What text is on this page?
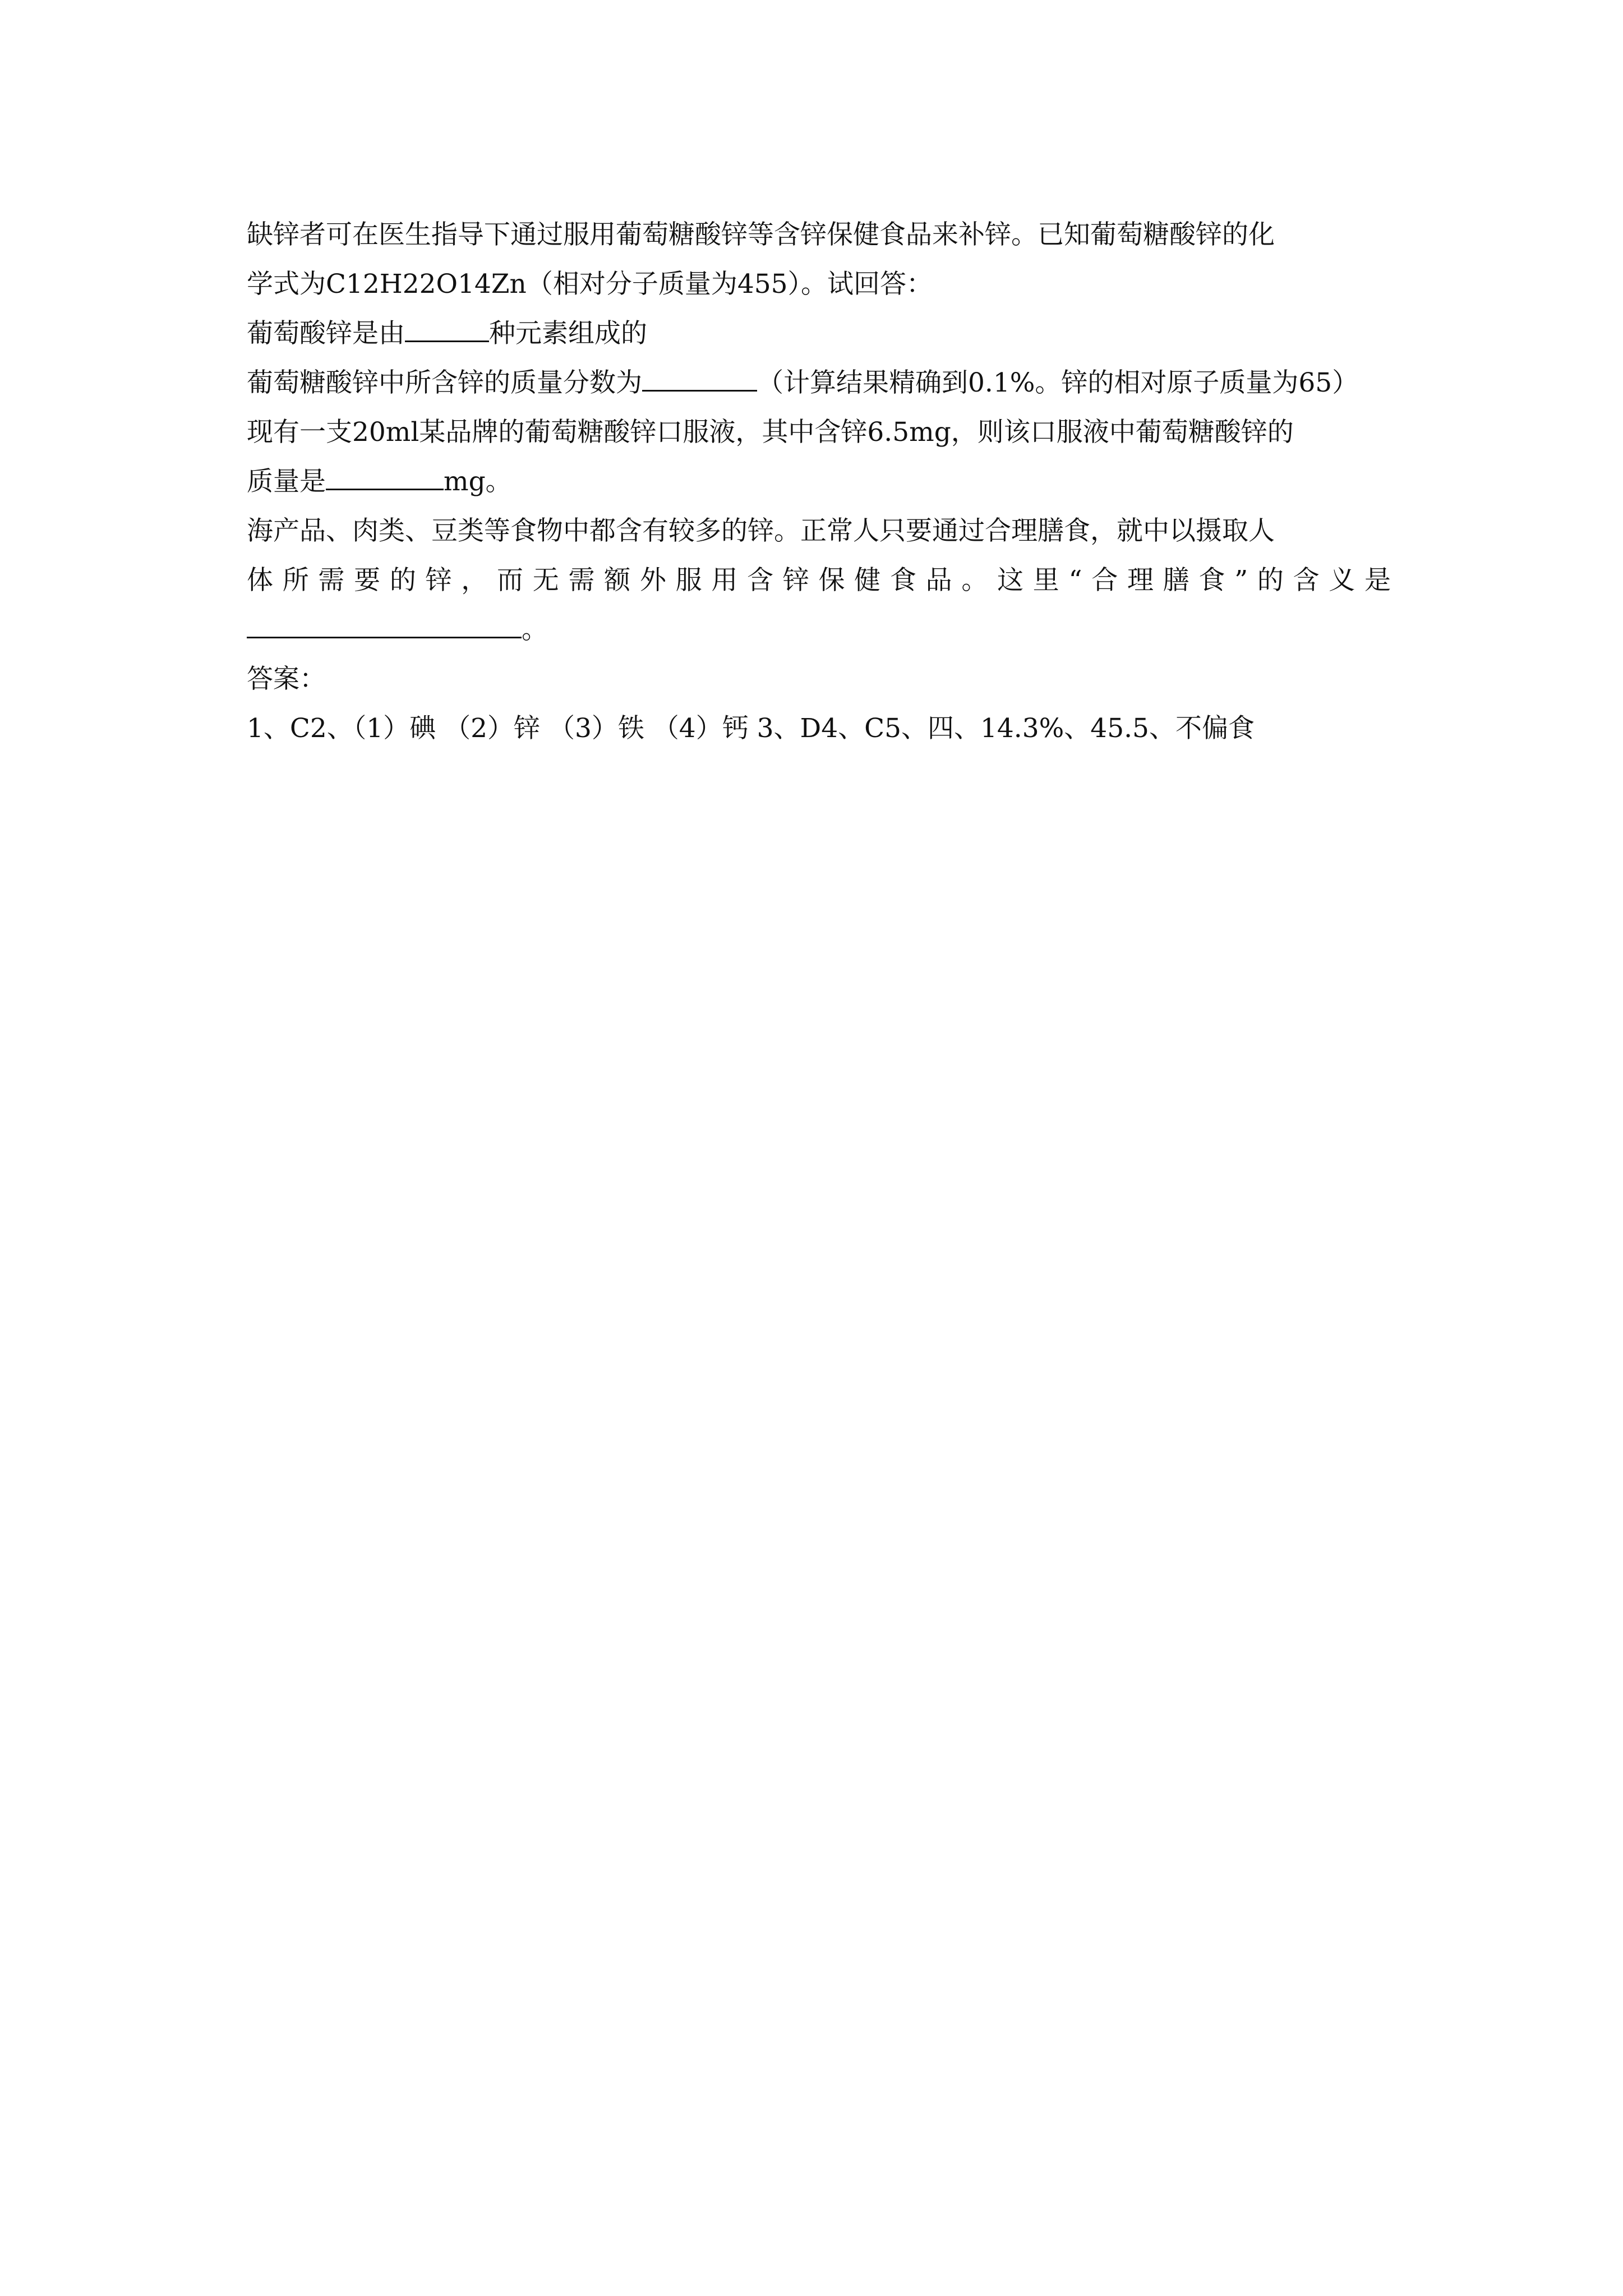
缺锌者可在医生指导下通过服用葡萄糖酸锌等含锌保健食品来补锌。已知葡萄糖酸锌的化
学式为C12H22O14Zn（相对分子质量为455）。试回答：
葡萄酸锌是由	种元素组成的
葡萄糖酸锌中所含锌的质量分数为	（计算结果精确到0.1%。锌的相对原子质量为65）
现有一支20ml某品牌的葡萄糖酸锌口服液，其中含锌6.5mg，则该口服液中葡萄糖酸锌的
质量是	mg。
海产品、肉类、豆类等食物中都含有较多的锌。正常人只要通过合理膳食，就中以摄取人
体所需要的锌，而无需额外服用含锌保健食品。这里“合理膳食”的含义是
。
答案：
1、C2、（1）碘 （2）锌 （3）铁 （4）钙 3、D4、C5、四、14.3%、45.5、不偏食
